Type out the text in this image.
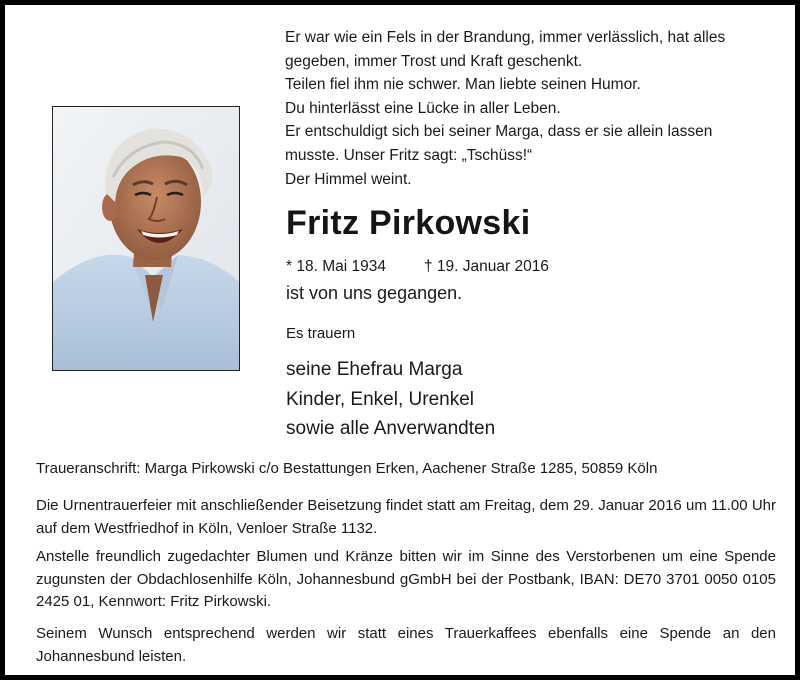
Er war wie ein Fels in der Brandung, immer verlässlich, hat alles
gegeben, immer Trost und Kraft geschenkt.
Teilen fiel ihm nie schwer. Man liebte seinen Humor.
Du hinterlässt eine Lücke in aller Leben.
Er entschuldigt sich bei seiner Marga, dass er sie allein lassen
musste. Unser Fritz sagt: „Tschüss!“
Der Himmel weint.
Fritz Pirkowski
* 18. Mai 1934 † 19. Januar 2016
ist von uns gegangen.
Es trauern
seine Ehefrau Marga
Kinder, Enkel, Urenkel
sowie alle Anverwandten
Traueranschrift: Marga Pirkowski c/o Bestattungen Erken, Aachener Straße 1285, 50859 Köln
Die Urnentrauerfeier mit anschließender Beisetzung findet statt am Freitag, dem 29. Januar 2016 um 11.00 Uhr auf dem Westfriedhof in Köln, Venloer Straße 1132.
Anstelle freundlich zugedachter Blumen und Kränze bitten wir im Sinne des Verstorbenen um eine Spende zugunsten der Obdachlosenhilfe Köln, Johannesbund gGmbH bei der Postbank, IBAN: DE70 3701 0050 0105 2425 01, Kennwort: Fritz Pirkowski.
Seinem Wunsch entsprechend werden wir statt eines Trauerkaffees ebenfalls eine Spende an den Johannesbund leisten.
